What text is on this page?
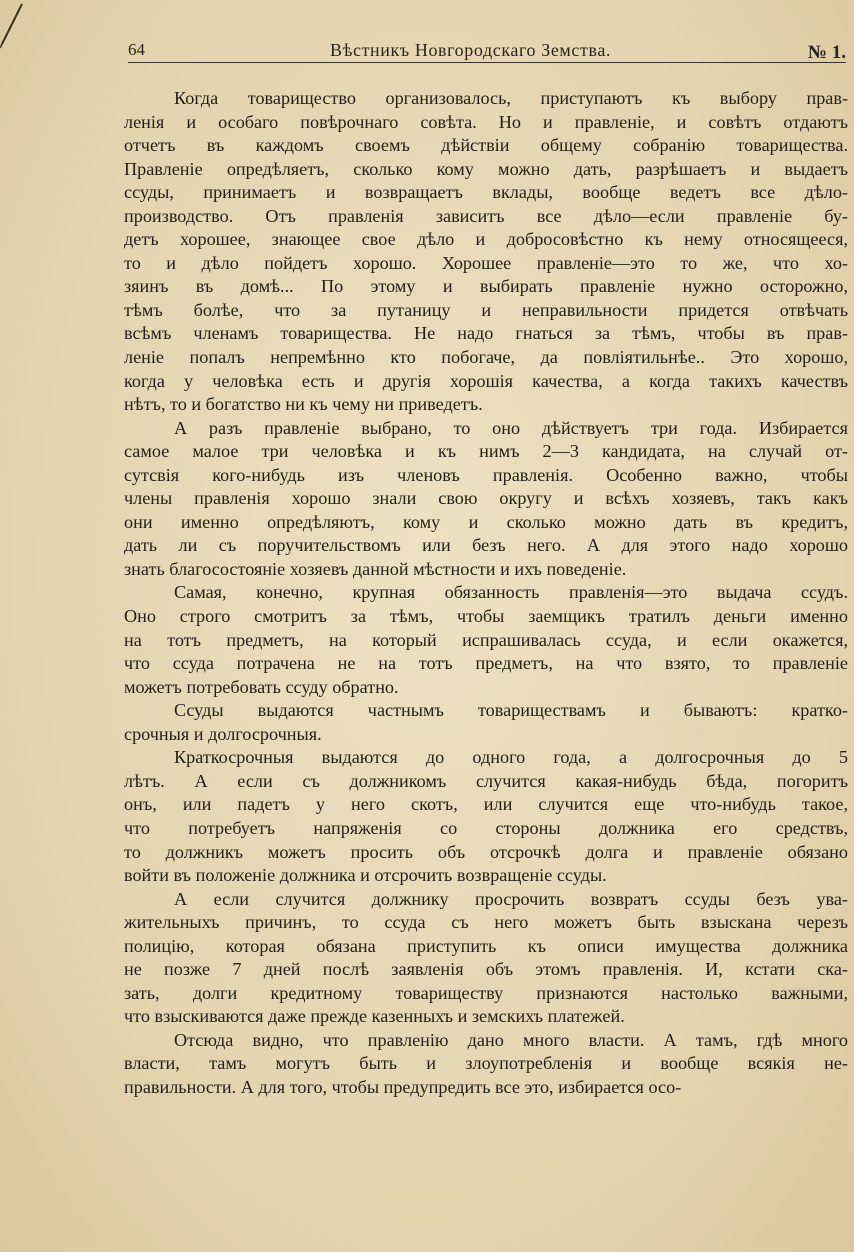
64	Вѣстникъ Новгородскаго Земства.	№ 1.
Когда товарищество организовалось, приступаютъ къ выбору прав-
ленія и особаго повѣрочнаго совѣта. Но и правленіе, и совѣтъ отдаютъ
отчетъ въ каждомъ своемъ дѣйствіи общему собранію товарищества.
Правленіе опредѣляетъ, сколько кому можно дать, разрѣшаетъ и выдаетъ
ссуды, принимаетъ и возвращаетъ вклады, вообще ведетъ все дѣло-
производство. Отъ правленія зависитъ все дѣло—если правленіе бу-
детъ хорошее, знающее свое дѣло и добросовѣстно къ нему относящееся,
то и дѣло пойдетъ хорошо. Хорошее правленіе—это то же, что хо-
зяинъ въ домѣ... По этому и выбирать правленіе нужно осторожно,
тѣмъ болѣе, что за путаницу и неправильности придется отвѣчать
всѣмъ членамъ товарищества. Не надо гнаться за тѣмъ, чтобы въ прав-
леніе попалъ непремѣнно кто побогаче, да повлiятильнѣе.. Это хорошо,
когда у человѣка есть и другія хорошія качества, а когда такихъ качествъ
нѣтъ, то и богатство ни къ чему ни приведетъ.
А разъ правленіе выбрано, то оно дѣйствуетъ три года. Избирается
самое малое три человѣка и къ нимъ 2—3 кандидата, на случай от-
сутсвія кого-нибудь изъ членовъ правленія. Особенно важно, чтобы
члены правленія хорошо знали свою округу и всѣхъ хозяевъ, такъ какъ
они именно опредѣляютъ, кому и сколько можно дать въ кредитъ,
дать ли съ поручительствомъ или безъ него. А для этого надо хорошо
знать благосостояніе хозяевъ данной мѣстности и ихъ поведеніе.
Самая, конечно, крупная обязанность правленія—это выдача ссудъ.
Оно строго смотритъ за тѣмъ, чтобы заемщикъ тратилъ деньги именно
на тотъ предметъ, на который испрашивалась ссуда, и если окажется,
что ссуда потрачена не на тотъ предметъ, на что взято, то правленіе
можетъ потребовать ссуду обратно.
Ссуды выдаются частнымъ товариществамъ и бываютъ: кратко-
срочныя и долгосрочныя.
Краткосрочныя выдаются до одного года, а долгосрочныя до 5
лѣтъ. А если съ должникомъ случится какая-нибудь бѣда, погоритъ
онъ, или падетъ у него скотъ, или случится еще что-нибудь такое,
что потребуетъ напряженія со стороны должника его средствъ,
то должникъ можетъ просить объ отсрочкѣ долга и правленіе обязано
войти въ положеніе должника и отсрочить возвращеніе ссуды.
А если случится должнику просрочить возвратъ ссуды безъ ува-
жительныхъ причинъ, то ссуда съ него можетъ быть взыскана черезъ
полицію, которая обязана приступить къ описи имущества должника
не позже 7 дней послѣ заявленія объ этомъ правленія. И, кстати ска-
зать, долги кредитному товариществу признаются настолько важными,
что взыскиваются даже прежде казенныхъ и земскихъ платежей.
Отсюда видно, что правленію дано много власти. А тамъ, гдѣ много
власти, тамъ могутъ быть и злоупотребленія и вообще всякія не-
правильности. А для того, чтобы предупредить все это, избирается осо-
